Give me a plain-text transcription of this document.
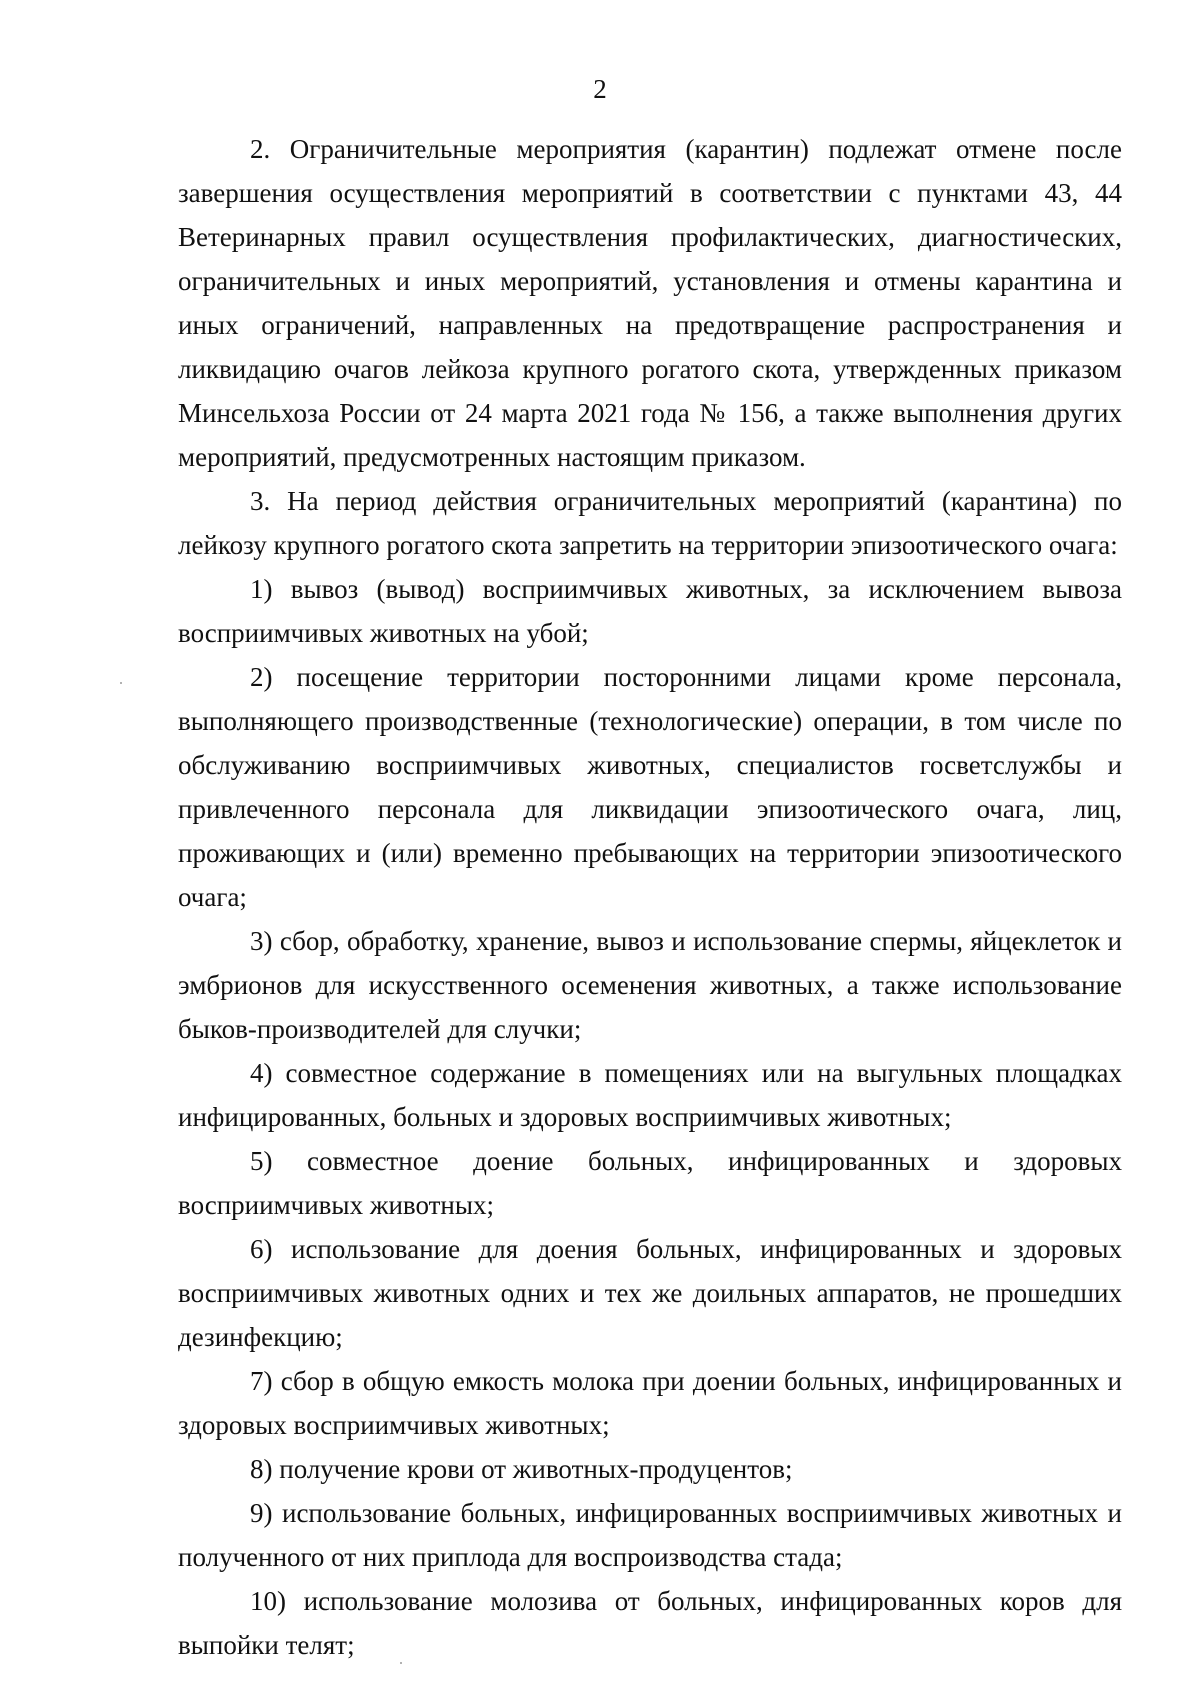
2

2. Ограничительные мероприятия (карантин) подлежат отмене после завершения осуществления мероприятий в соответствии с пунктами 43, 44 Ветеринарных правил осуществления профилактических, диагностических, ограничительных и иных мероприятий, установления и отмены карантина и иных ограничений, направленных на предотвращение распространения и ликвидацию очагов лейкоза крупного рогатого скота, утвержденных приказом Минсельхоза России от 24 марта 2021 года № 156, а также выполнения других мероприятий, предусмотренных настоящим приказом.

3. На период действия ограничительных мероприятий (карантина) по лейкозу крупного рогатого скота запретить на территории эпизоотического очага:

1) вывоз (вывод) восприимчивых животных, за исключением вывоза восприимчивых животных на убой;

2) посещение территории посторонними лицами кроме персонала, выполняющего производственные (технологические) операции, в том числе по обслуживанию восприимчивых животных, специалистов госветслужбы и привлеченного персонала для ликвидации эпизоотического очага, лиц, проживающих и (или) временно пребывающих на территории эпизоотического очага;

3) сбор, обработку, хранение, вывоз и использование спермы, яйцеклеток и эмбрионов для искусственного осеменения животных, а также использование быков-производителей для случки;

4) совместное содержание в помещениях или на выгульных площадках инфицированных, больных и здоровых восприимчивых животных;

5) совместное доение больных, инфицированных и здоровых восприимчивых животных;

6) использование для доения больных, инфицированных и здоровых восприимчивых животных одних и тех же доильных аппаратов, не прошедших дезинфекцию;

7) сбор в общую емкость молока при доении больных, инфицированных и здоровых восприимчивых животных;

8) получение крови от животных-продуцентов;

9) использование больных, инфицированных восприимчивых животных и полученного от них приплода для воспроизводства стада;

10) использование молозива от больных, инфицированных коров для выпойки телят;
